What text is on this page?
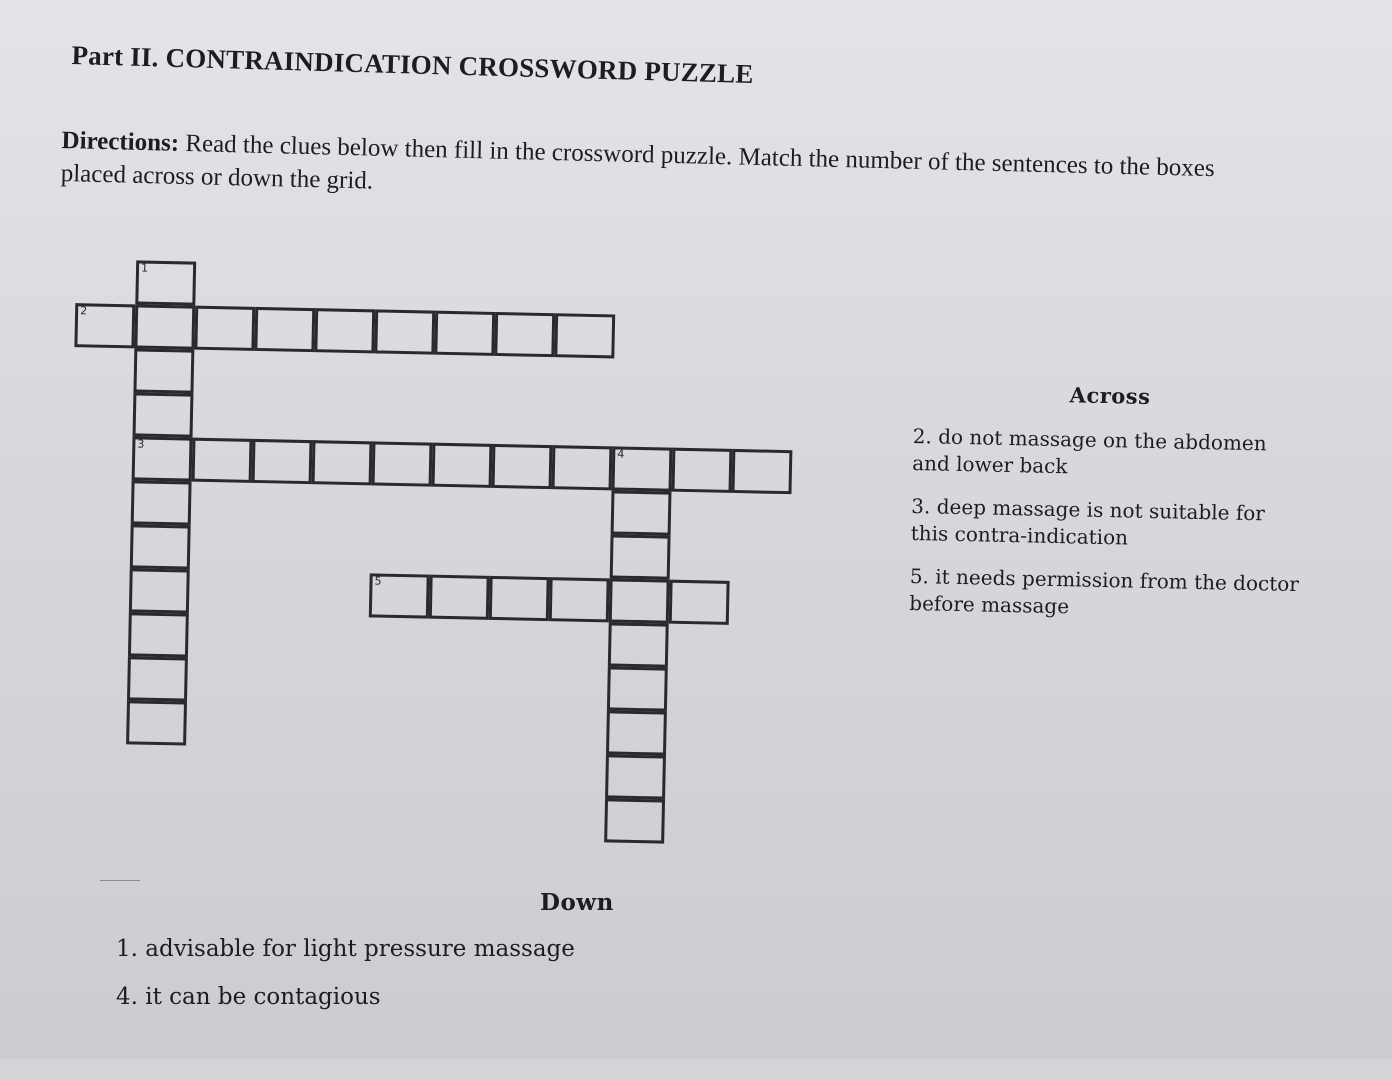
Part II. CONTRAINDICATION CROSSWORD PUZZLE
Directions: Read the clues below then fill in the crossword puzzle. Match the number of the sentences to the boxes placed across or down the grid.
1
2
3
4
5
Across
2. do not massage on the abdomen and lower back
3. deep massage is not suitable for this contra-indication
5. it needs permission from the doctor before massage
Down
1. advisable for light pressure massage
4. it can be contagious
